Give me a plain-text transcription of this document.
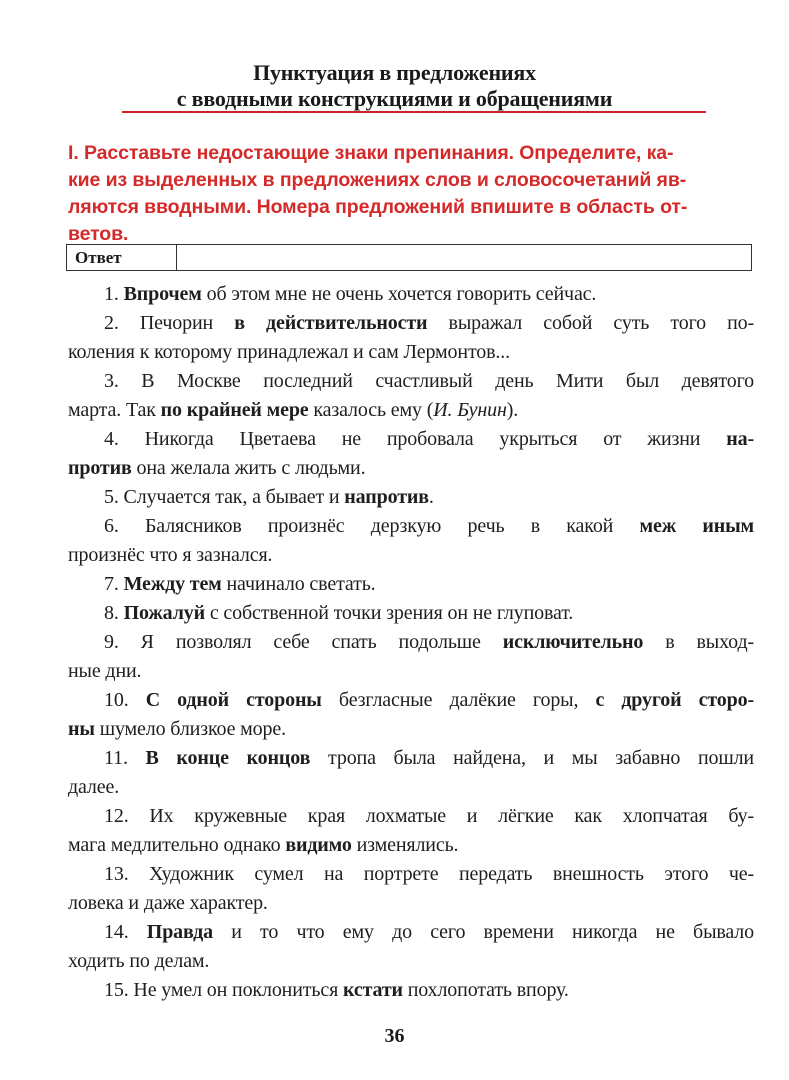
Пунктуация в предложениях
с вводными конструкциями и обращениями
I. Расставьте недостающие знаки препинания. Определите, ка-
кие из выделенных в предложениях слов и словосочетаний яв-
ляются вводными. Номера предложений впишите в область от-
ветов.
Ответ
1. Впрочем об этом мне не очень хочется говорить сейчас.
2. Печорин в действительности выражал собой суть того по-
коления к которому принадлежал и сам Лермонтов...
3. В Москве последний счастливый день Мити был девятого
марта. Так по крайней мере казалось ему (И. Бунин).
4. Никогда Цветаева не пробовала укрыться от жизни на-
против она желала жить с людьми.
5. Случается так, а бывает и напротив.
6. Балясников произнёс дерзкую речь в какой меж иным
произнёс что я зазнался.
7. Между тем начинало светать.
8. Пожалуй с собственной точки зрения он не глуповат.
9. Я позволял себе спать подольше исключительно в выход-
ные дни.
10. С одной стороны безгласные далёкие горы, с другой сторо-
ны шумело близкое море.
11. В конце концов тропа была найдена, и мы забавно пошли
далее.
12. Их кружевные края лохматые и лёгкие как хлопчатая бу-
мага медлительно однако видимо изменялись.
13. Художник сумел на портрете передать внешность этого че-
ловека и даже характер.
14. Правда и то что ему до сего времени никогда не бывало
ходить по делам.
15. Не умел он поклониться кстати похлопотать впору.
36
